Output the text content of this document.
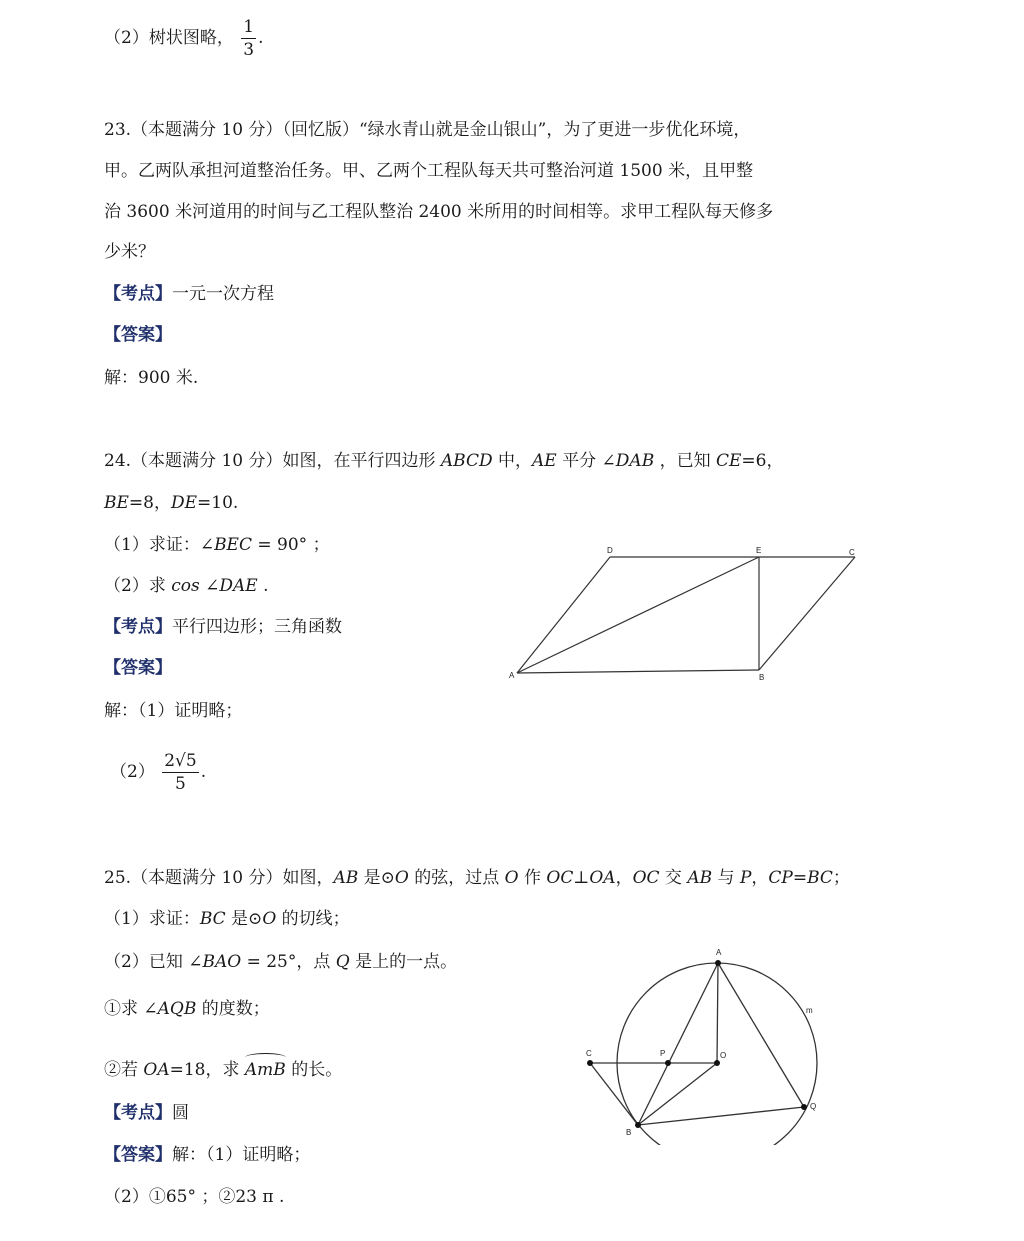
（2）树状图略， $\frac{1}{3}$ .
23.（本题满分 10 分）（回忆版）“绿水青山就是金山银山”，为了更进一步优化环境，
甲。乙两队承担河道整治任务。甲、乙两个工程队每天共可整治河道 1500 米，且甲整
治 3600 米河道用的时间与乙工程队整治 2400 米所用的时间相等。求甲工程队每天修多
少米？
【考点】一元一次方程
【答案】
解：900 米.
24.（本题满分 10 分）如图，在平行四边形 ABCD 中，AE 平分 ∠DAB ，已知 CE=6，
BE=8，DE=10.
（1）求证：∠BEC = 90° ；
（2）求 cos ∠DAE .
【考点】平行四边形；三角函数
【答案】
解：（1）证明略；
$(2) \frac{2√5}{5}$ .
A	B
C
D	E
25.（本题满分 10 分）如图，AB 是⊙O 的弦，过点 O 作 OC⊥OA，OC 交 AB 与 P，CP=BC；
（1）求证：BC 是⊙O 的切线；
（2）已知 ∠BAO = 25°，点 Q 是上的一点。
①求 ∠AQB 的度数；
②若 OA=18，求 AmB 的长。
【考点】圆
【答案】解：（1）证明略；
（2）①65° ；②23 π .
A
B
C	P	O
Q
m
